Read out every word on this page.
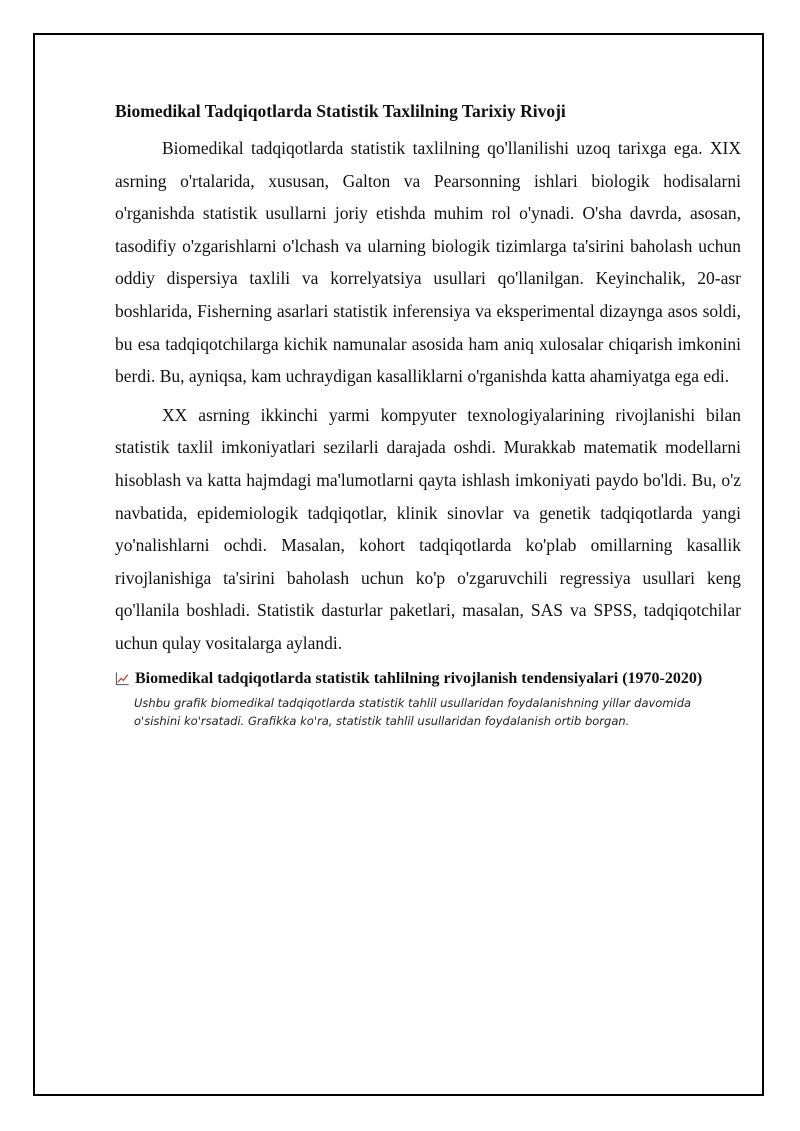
Biomedikal Tadqiqotlarda Statistik Taxlilning Tarixiy Rivoji

Biomedikal tadqiqotlarda statistik taxlilning qo'llanilishi uzoq tarixga ega. XIX asrning o'rtalarida, xususan, Galton va Pearsonning ishlari biologik hodisalarni o'rganishda statistik usullarni joriy etishda muhim rol o'ynadi. O'sha davrda, asosan, tasodifiy o'zgarishlarni o'lchash va ularning biologik tizimlarga ta'sirini baholash uchun oddiy dispersiya taxlili va korrelyatsiya usullari qo'llanilgan. Keyinchalik, 20-asr boshlarida, Fisherning asarlari statistik inferensiya va eksperimental dizaynga asos soldi, bu esa tadqiqotchilarga kichik namunalar asosida ham aniq xulosalar chiqarish imkonini berdi. Bu, ayniqsa, kam uchraydigan kasalliklarni o'rganishda katta ahamiyatga ega edi.

XX asrning ikkinchi yarmi kompyuter texnologiyalarining rivojlanishi bilan statistik taxlil imkoniyatlari sezilarli darajada oshdi. Murakkab matematik modellarni hisoblash va katta hajmdagi ma'lumotlarni qayta ishlash imkoniyati paydo bo'ldi. Bu, o'z navbatida, epidemiologik tadqiqotlar, klinik sinovlar va genetik tadqiqotlarda yangi yo'nalishlarni ochdi. Masalan, kohort tadqiqotlarda ko'plab omillarning kasallik rivojlanishiga ta'sirini baholash uchun ko'p o'zgaruvchili regressiya usullari keng qo'llanila boshladi. Statistik dasturlar paketlari, masalan, SAS va SPSS, tadqiqotchilar uchun qulay vositalarga aylandi.

Biomedikal tadqiqotlarda statistik tahlilning rivojlanish tendensiyalari (1970-2020)
Ushbu grafik biomedikal tadqiqotlarda statistik tahlil usullaridan foydalanishning yillar davomida o'sishini ko'rsatadi. Grafikka ko'ra, statistik tahlil usullaridan foydalanish ortib borgan.
